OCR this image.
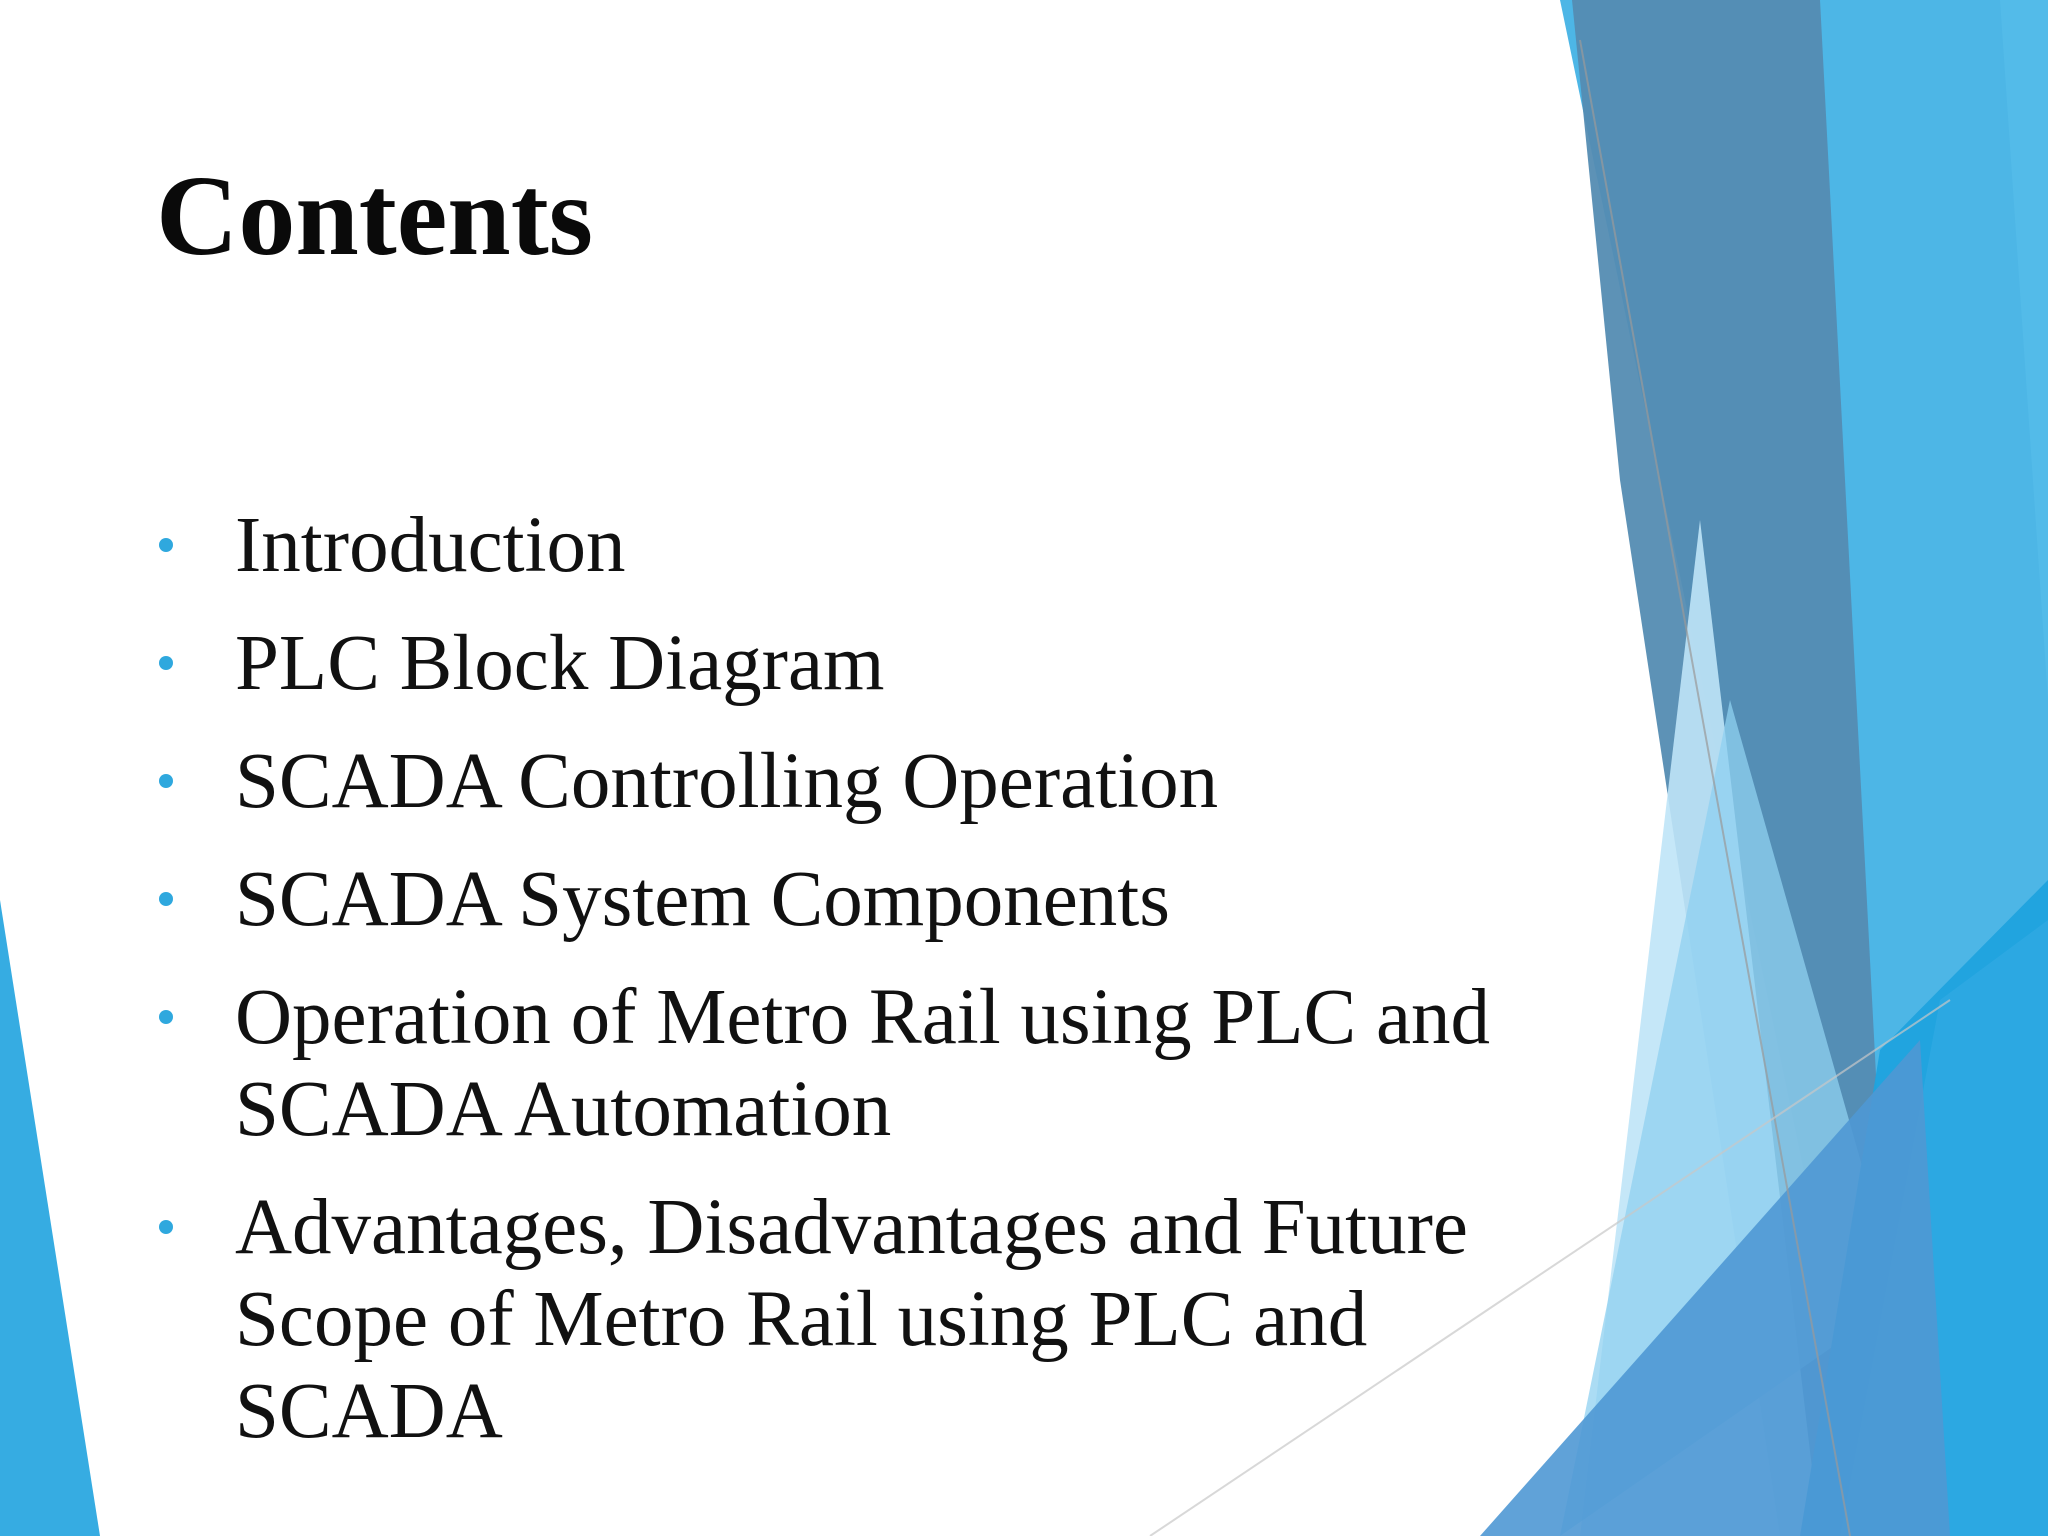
Contents
Introduction
PLC Block Diagram
SCADA Controlling Operation
SCADA System Components
Operation of Metro Rail using PLC and
SCADA Automation
Advantages, Disadvantages and Future
Scope of Metro Rail using PLC and
SCADA
